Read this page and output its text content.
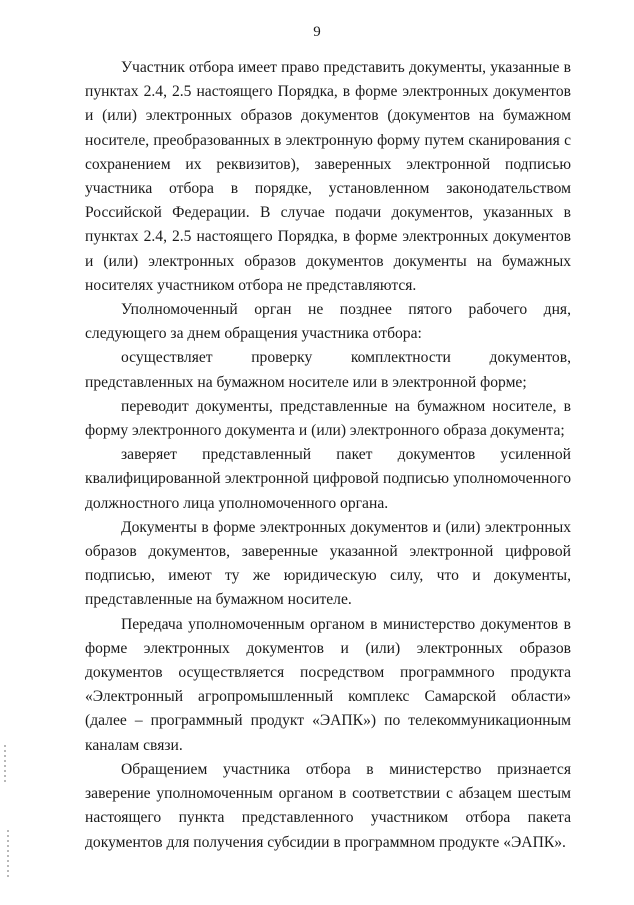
9

Участник отбора имеет право представить документы, указанные в пунктах 2.4, 2.5 настоящего Порядка, в форме электронных документов и (или) электронных образов документов (документов на бумажном носителе, преобразованных в электронную форму путем сканирования с сохранением их реквизитов), заверенных электронной подписью участника отбора в порядке, установленном законодательством Российской Федерации. В случае подачи документов, указанных в пунктах 2.4, 2.5 настоящего Порядка, в форме электронных документов и (или) электронных образов документов документы на бумажных носителях участником отбора не представляются.

Уполномоченный орган не позднее пятого рабочего дня, следующего за днем обращения участника отбора:

осуществляет проверку комплектности документов, представленных на бумажном носителе или в электронной форме;

переводит документы, представленные на бумажном носителе, в форму электронного документа и (или) электронного образа документа;

заверяет представленный пакет документов усиленной квалифицированной электронной цифровой подписью уполномоченного должностного лица уполномоченного органа.

Документы в форме электронных документов и (или) электронных образов документов, заверенные указанной электронной цифровой подписью, имеют ту же юридическую силу, что и документы, представленные на бумажном носителе.

Передача уполномоченным органом в министерство документов в форме электронных документов и (или) электронных образов документов осуществляется посредством программного продукта «Электронный агропромышленный комплекс Самарской области» (далее – программный продукт «ЭАПК») по телекоммуникационным каналам связи.

Обращением участника отбора в министерство признается заверение уполномоченным органом в соответствии с абзацем шестым настоящего пункта представленного участником отбора пакета документов для получения субсидии в программном продукте «ЭАПК».
